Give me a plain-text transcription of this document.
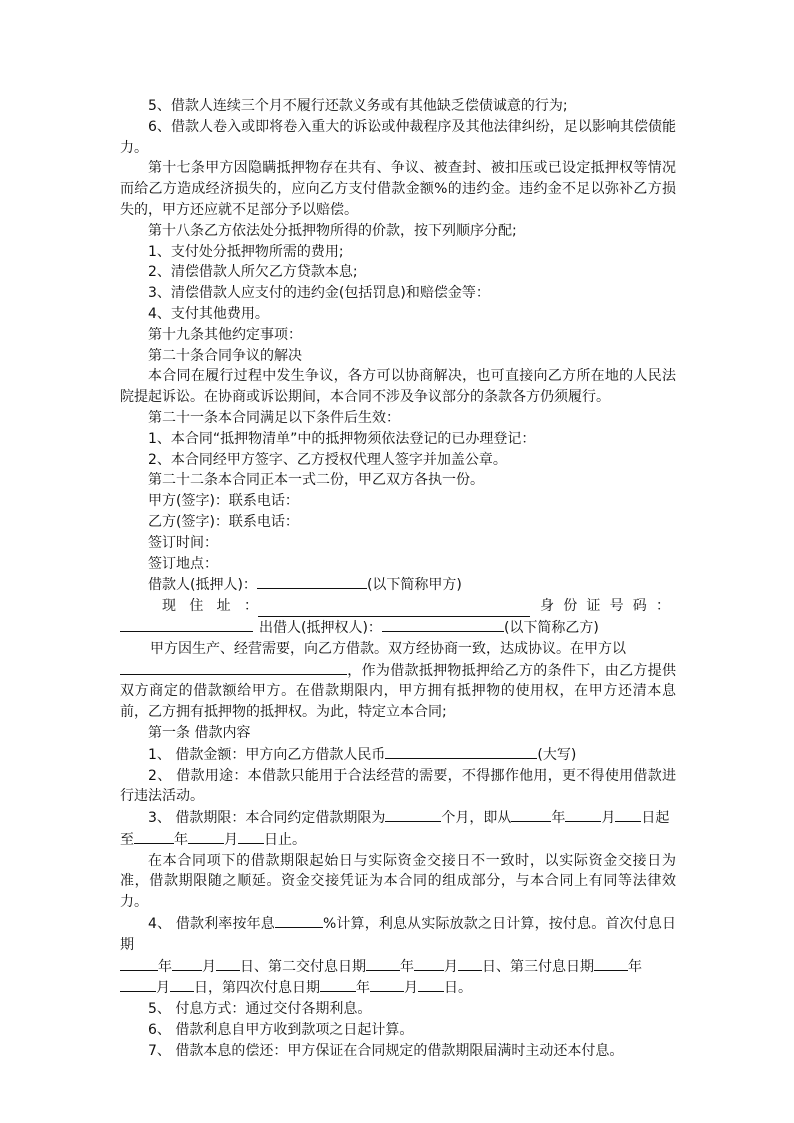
5、借款人连续三个月不履行还款义务或有其他缺乏偿债诚意的行为;

6、借款人卷入或即将卷入重大的诉讼或仲裁程序及其他法律纠纷，足以影响其偿债能力。

第十七条甲方因隐瞒抵押物存在共有、争议、被查封、被扣压或已设定抵押权等情况而给乙方造成经济损失的，应向乙方支付借款金额%的违约金。违约金不足以弥补乙方损失的，甲方还应就不足部分予以赔偿。

第十八条乙方依法处分抵押物所得的价款，按下列顺序分配;

1、支付处分抵押物所需的费用;

2、清偿借款人所欠乙方贷款本息;

3、清偿借款人应支付的违约金(包括罚息)和赔偿金等：

4、支付其他费用。

第十九条其他约定事项：

第二十条合同争议的解决

本合同在履行过程中发生争议，各方可以协商解决，也可直接向乙方所在地的人民法院提起诉讼。在协商或诉讼期间，本合同不涉及争议部分的条款各方仍须履行。

第二十一条本合同满足以下条件后生效：

1、本合同“抵押物清单”中的抵押物须依法登记的已办理登记：

2、本合同经甲方签字、乙方授权代理人签字并加盖公章。

第二十二条本合同正本一式二份，甲乙双方各执一份。

甲方(签字)：联系电话：

乙方(签字)：联系电话：

签订时间：

签订地点：

借款人(抵押人)：	(以下简称甲方)

现 住 址 ：	身 份 证 号 码 ：

出借人(抵押权人)：	(以下简称乙方)

甲方因生产、经营需要，向乙方借款。双方经协商一致，达成协议。在甲方以

，作为借款抵押物抵押给乙方的条件下，由乙方提供双方商定的借款额给甲方。在借款期限内，甲方拥有抵押物的使用权，在甲方还清本息前，乙方拥有抵押物的抵押权。为此，特定立本合同;

第一条 借款内容

1、 借款金额：甲方向乙方借款人民币	(大写)

2、 借款用途：本借款只能用于合法经营的需要，不得挪作他用，更不得使用借款进行违法活动。

3、 借款期限：本合同约定借款期限为	个月，即从	年	月 日起

至	年	月 日止。

在本合同项下的借款期限起始日与实际资金交接日不一致时，以实际资金交接日为准，借款期限随之顺延。资金交接凭证为本合同的组成部分，与本合同上有同等法律效力。

4、 借款利率按年息	%计算，利息从实际放款之日计算，按付息。首次付息日期

年 月 日、第二交付息日期 年 月 日、第三付息日期 年

月 日，第四次付息日期	年 月 日。

5、 付息方式：通过交付各期利息。

6、 借款利息自甲方收到款项之日起计算。

7、 借款本息的偿还：甲方保证在合同规定的借款期限届满时主动还本付息。
